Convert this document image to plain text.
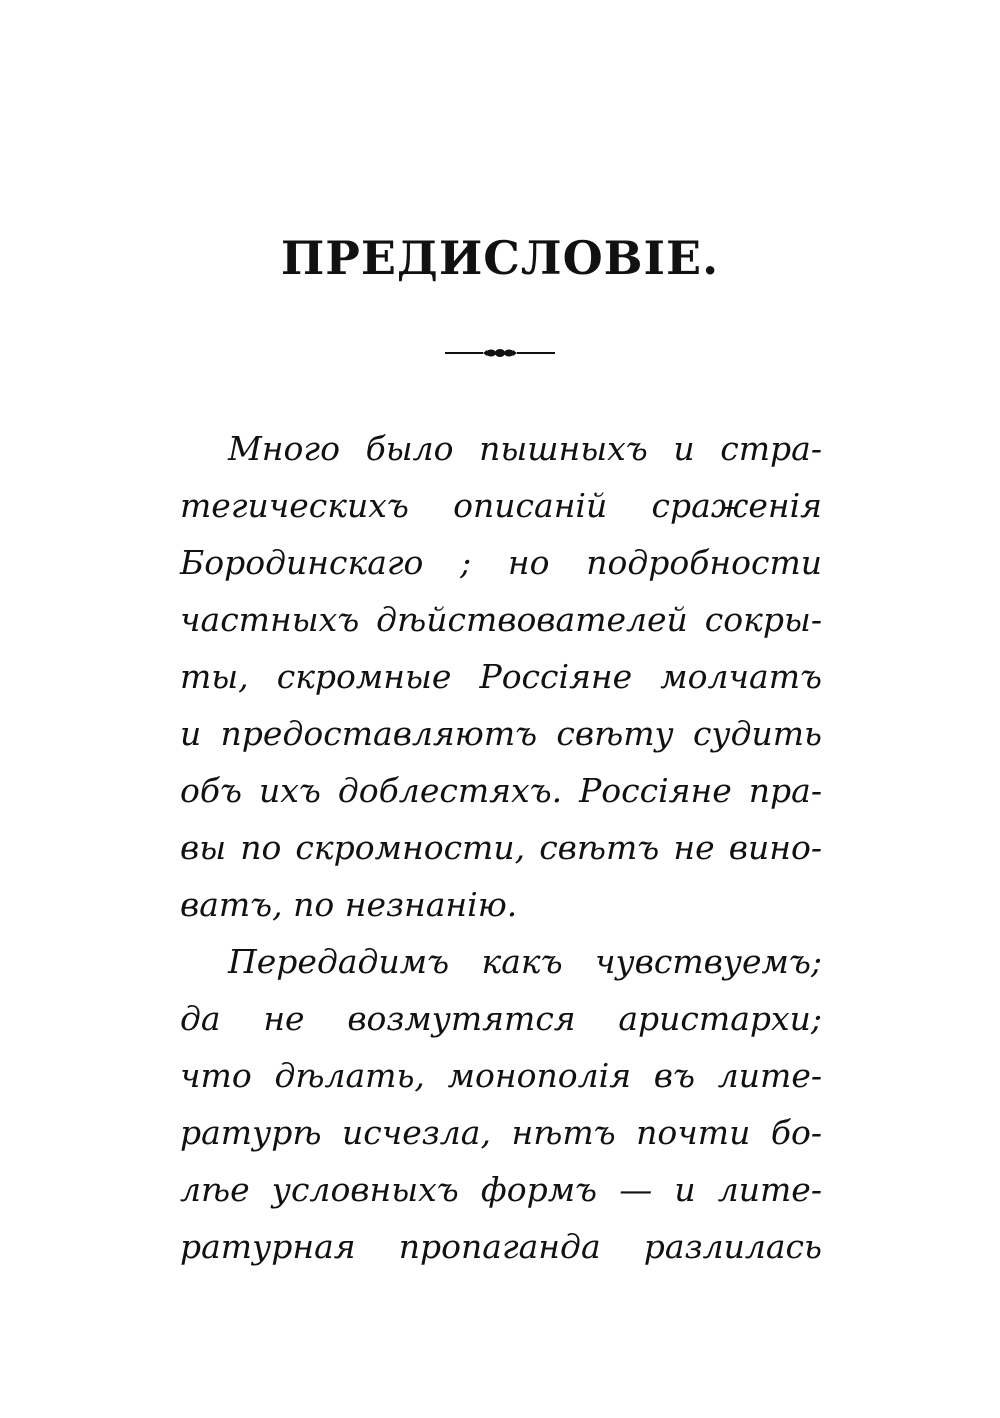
ПРЕДИСЛОВІЕ.
Много было пышныхъ и стра-
тегическихъ описаній сраженія
Бородинскаго ; но подробности
частныхъ дѣйствователей сокры-
ты, скромные Россіяне молчатъ
и предоставляютъ свѣту судить
объ ихъ доблестяхъ. Россіяне пра-
вы по скромности, свѣтъ не вино-
ватъ, по незнанію.
Передадимъ какъ чувствуемъ;
да не возмутятся аристархи;
что дѣлать, монополія въ лите-
ратурѣ исчезла, нѣтъ почти бо-
лѣе условныхъ формъ — и лите-
ратурная пропаганда разлилась
